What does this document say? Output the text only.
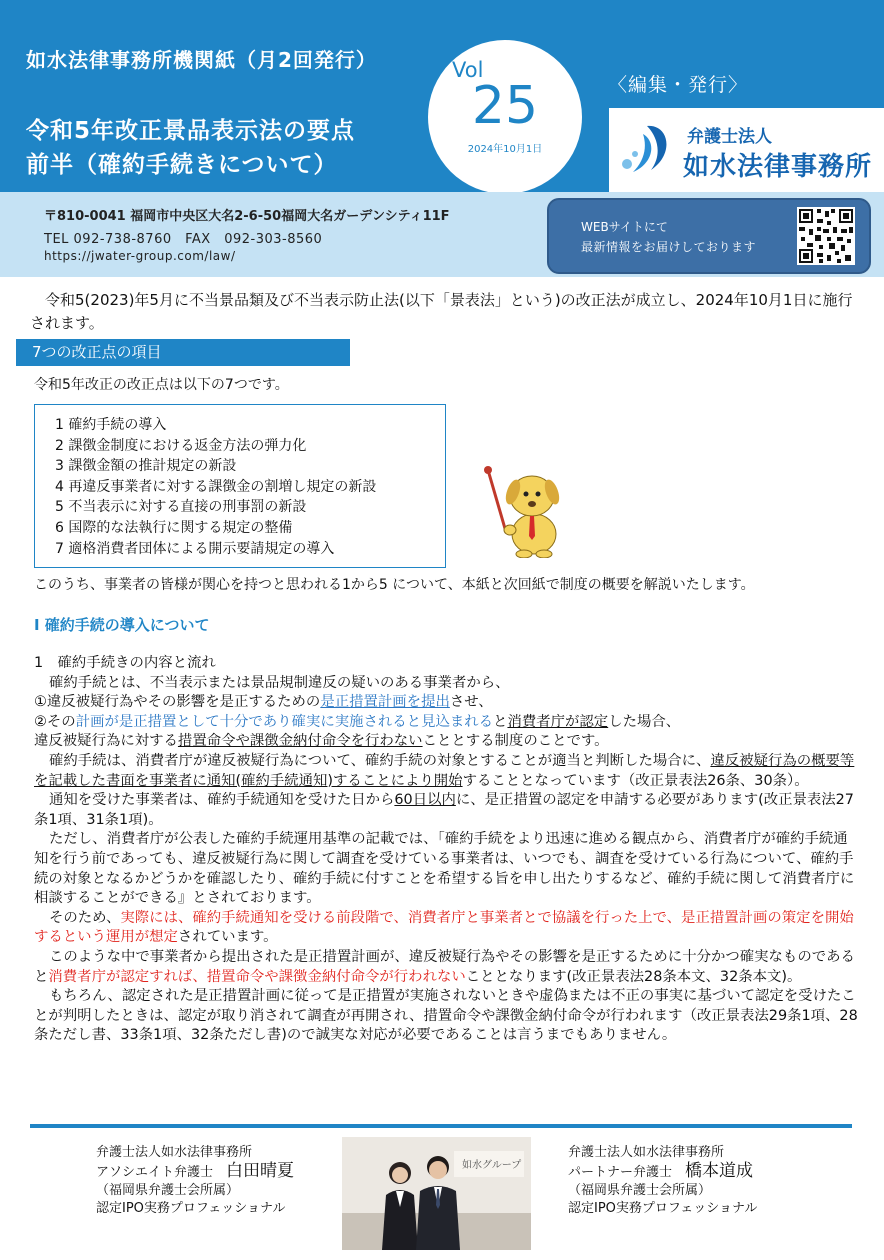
如水法律事務所機関紙（月2回発行）
令和5年改正景品表示法の要点
前半（確約手続きについて）
〈編集・発行〉
弁護士法人
如水法律事務所
Vol
25
2024年10月1日
〒810-0041 福岡市中央区大名2-6-50福岡大名ガーデンシティ11F
TEL 092-738-8760　FAX　092-303-8560
https://jwater-group.com/law/
WEBサイトにて
最新情報をお届けしております
令和5(2023)年5月に不当景品類及び不当表示防止法(以下「景表法」という)の改正法が成立し、2024年10月1日に施行されます。
7つの改正点の項目
令和5年改正の改正点は以下の7つです。
1 確約手続の導入
2 課徴金制度における返金方法の弾力化
3 課徴金額の推計規定の新設
4 再違反事業者に対する課徴金の割増し規定の新設
5 不当表示に対する直接の刑事罰の新設
6 国際的な法執行に関する規定の整備
7 適格消費者団体による開示要請規定の導入
このうち、事業者の皆様が関心を持つと思われる1から5 について、本紙と次回紙で制度の概要を解説いたします。
I 確約手続の導入について

1　確約手続きの内容と流れ

確約手続とは、不当表示または景品規制違反の疑いのある事業者から、

①違反被疑行為やその影響を是正するための是正措置計画を提出させ、

②その計画が是正措置として十分であり確実に実施されると見込まれると消費者庁が認定した場合、

違反被疑行為に対する措置命令や課徴金納付命令を行わないこととする制度のことです。

確約手続は、消費者庁が違反被疑行為について、確約手続の対象とすることが適当と判断した場合に、違反被疑行為の概要等を記載した書面を事業者に通知(確約手続通知)することにより開始することとなっています（改正景表法26条、30条）。

通知を受けた事業者は、確約手続通知を受けた日から60日以内に、是正措置の認定を申請する必要があります(改正景表法27条1項、31条1項)。

ただし、消費者庁が公表した確約手続運用基準の記載では、「確約手続をより迅速に進める観点から、消費者庁が確約手続通知を行う前であっても、違反被疑行為に関して調査を受けている事業者は、いつでも、調査を受けている行為について、確約手続の対象となるかどうかを確認したり、確約手続に付すことを希望する旨を申し出たりするなど、確約手続に関して消費者庁に相談することができる』とされております。

そのため、実際には、確約手続通知を受ける前段階で、消費者庁と事業者とで協議を行った上で、是正措置計画の策定を開始するという運用が想定されています。

このような中で事業者から提出された是正措置計画が、違反被疑行為やその影響を是正するために十分かつ確実なものであると消費者庁が認定すれば、措置命令や課徴金納付命令が行われないこととなります(改正景表法28条本文、32条本文)。

もちろん、認定された是正措置計画に従って是正措置が実施されないときや虚偽または不正の事実に基づいて認定を受けたことが判明したときは、認定が取り消されて調査が再開され、措置命令や課徴金納付命令が行われます（改正景表法29条1項、28条ただし書、33条1項、32条ただし書)ので誠実な対応が必要であることは言うまでもありません。

弁護士法人如水法律事務所
アソシエイト弁護士　 白田晴夏
（福岡県弁護士会所属）
認定IPO実務プロフェッショナル
如水グループ
弁護士法人如水法律事務所
パートナー弁護士　 橋本道成
（福岡県弁護士会所属）
認定IPO実務プロフェッショナル
